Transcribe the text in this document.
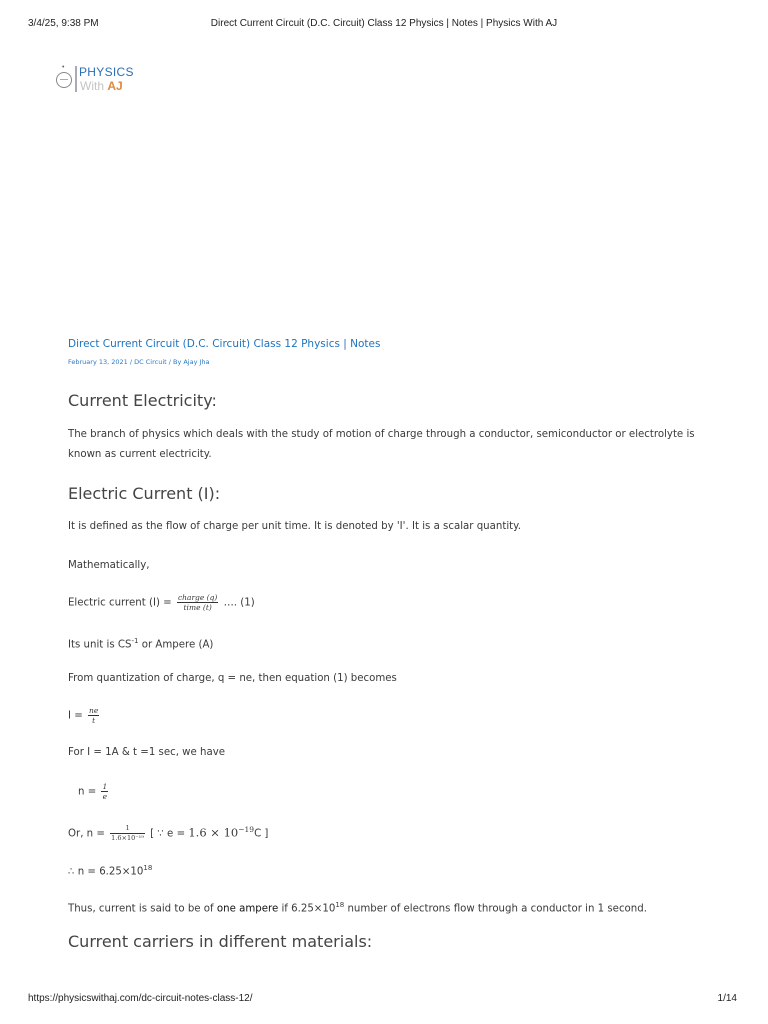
3/4/25, 9:38 PM	Direct Current Circuit (D.C. Circuit) Class 12 Physics | Notes | Physics With AJ
• PHYSICS
With AJ
Direct Current Circuit (D.C. Circuit) Class 12 Physics | Notes
February 13, 2021 / DC Circuit / By Ajay Jha
Current Electricity:
The branch of physics which deals with the study of motion of charge through a conductor, semiconductor or electrolyte is known as current electricity.
Electric Current (I):
It is defined as the flow of charge per unit time. It is denoted by 'I'. It is a scalar quantity.
Mathematically,
Electric current $(I) = \frac{\text{charge (q)}}{\text{time (t)}}$ …. (1)
Its unit is $CS^{-1}$ or Ampere (A)
From quantization of charge, q = ne, then equation (1) becomes
$I = \frac{ne}{t}$
For I = 1A & t =1 sec, we have
$n = \frac{1}{e}$
Or, $n = \frac{1}{\text{1.6×10⁻¹⁹}}$ [ ∵ $e = 1.6 \times 10^{-19}C$ ]
∴ $n = 6.25\times 10^{18}$
Thus, current is said to be of one ampere if $6.25\times 10^{18}$ number of electrons flow through a conductor in 1 second.
Current carriers in different materials:
https://physicswithaj.com/dc-circuit-notes-class-12/	1/14
